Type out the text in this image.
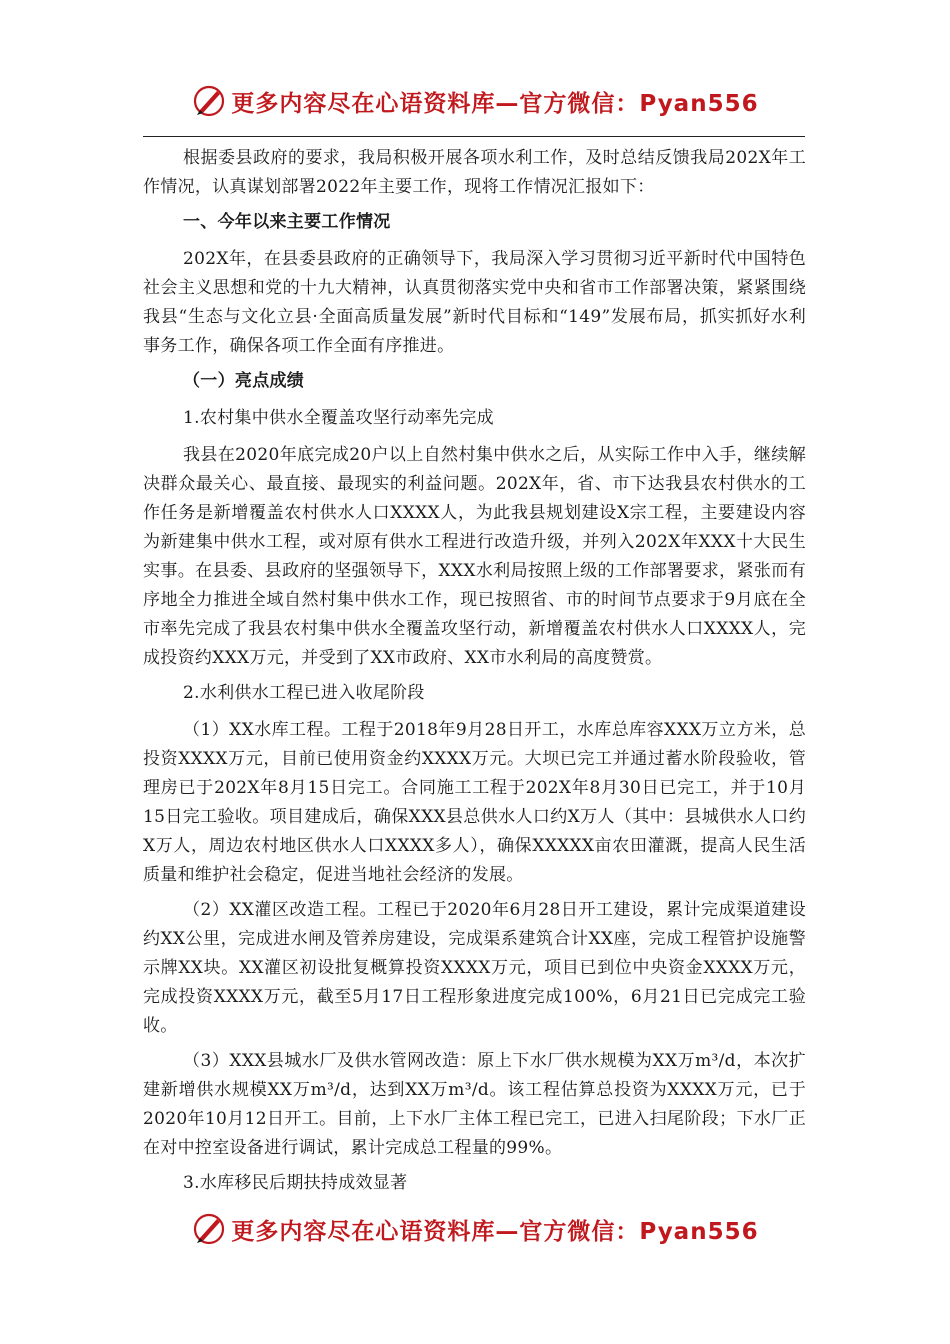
更多内容尽在心语资料库—官方微信：Pyan556

根据委县政府的要求，我局积极开展各项水利工作，及时总结反馈我局202X年工作情况，认真谋划部署2022年主要工作，现将工作情况汇报如下：

一、今年以来主要工作情况

202X年，在县委县政府的正确领导下，我局深入学习贯彻习近平新时代中国特色社会主义思想和党的十九大精神，认真贯彻落实党中央和省市工作部署决策，紧紧围绕我县“生态与文化立县·全面高质量发展”新时代目标和“149”发展布局，抓实抓好水利事务工作，确保各项工作全面有序推进。

（一）亮点成绩

1.农村集中供水全覆盖攻坚行动率先完成

我县在2020年底完成20户以上自然村集中供水之后，从实际工作中入手，继续解决群众最关心、最直接、最现实的利益问题。202X年，省、市下达我县农村供水的工作任务是新增覆盖农村供水人口XXXX人，为此我县规划建设X宗工程，主要建设内容为新建集中供水工程，或对原有供水工程进行改造升级，并列入202X年XXX十大民生实事。在县委、县政府的坚强领导下，XXX水利局按照上级的工作部署要求，紧张而有序地全力推进全域自然村集中供水工作，现已按照省、市的时间节点要求于9月底在全市率先完成了我县农村集中供水全覆盖攻坚行动，新增覆盖农村供水人口XXXX人，完成投资约XXX万元，并受到了XX市政府、XX市水利局的高度赞赏。

2.水利供水工程已进入收尾阶段

（1）XX水库工程。工程于2018年9月28日开工，水库总库容XXX万立方米，总投资XXXX万元，目前已使用资金约XXXX万元。大坝已完工并通过蓄水阶段验收，管理房已于202X年8月15日完工。合同施工工程于202X年8月30日已完工，并于10月15日完工验收。项目建成后，确保XXX县总供水人口约X万人（其中：县城供水人口约X万人，周边农村地区供水人口XXXX多人），确保XXXXX亩农田灌溉，提高人民生活质量和维护社会稳定，促进当地社会经济的发展。

（2）XX灌区改造工程。工程已于2020年6月28日开工建设，累计完成渠道建设约XX公里，完成进水闸及管养房建设，完成渠系建筑合计XX座，完成工程管护设施警示牌XX块。XX灌区初设批复概算投资XXXX万元，项目已到位中央资金XXXX万元，完成投资XXXX万元，截至5月17日工程形象进度完成100%，6月21日已完成完工验收。

（3）XXX县城水厂及供水管网改造：原上下水厂供水规模为XX万m³/d，本次扩建新增供水规模XX万m³/d，达到XX万m³/d。该工程估算总投资为XXXX万元，已于2020年10月12日开工。目前，上下水厂主体工程已完工，已进入扫尾阶段；下水厂正在对中控室设备进行调试，累计完成总工程量的99%。

3.水库移民后期扶持成效显著

更多内容尽在心语资料库—官方微信：Pyan556
